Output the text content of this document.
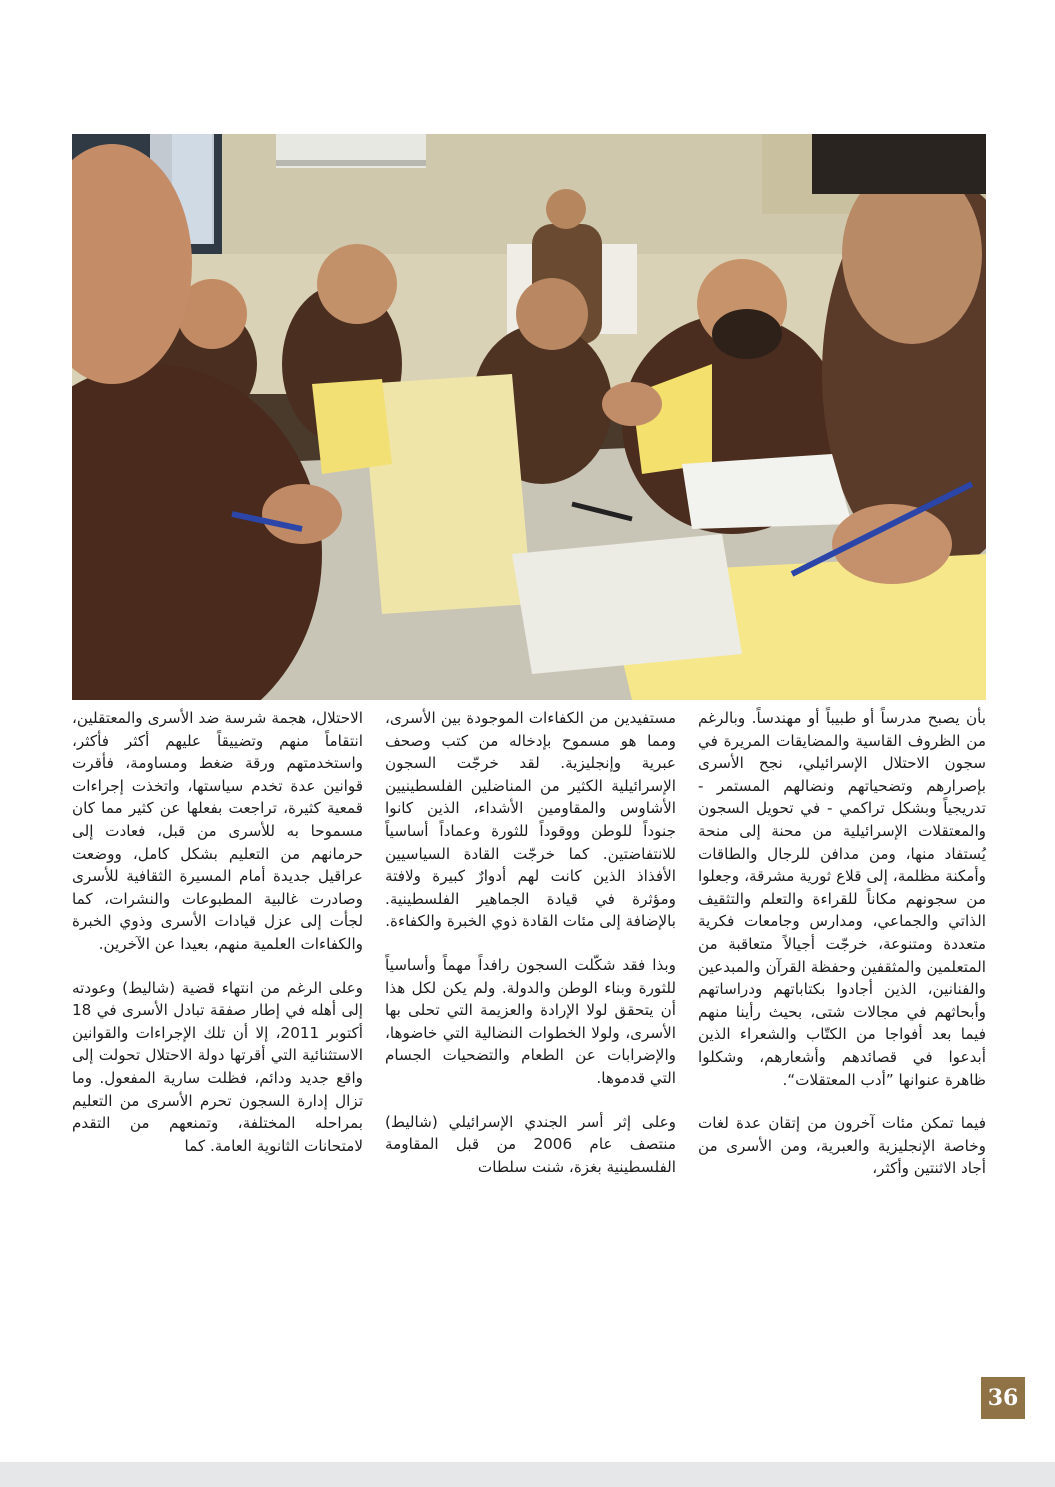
بأن يصبح مدرساً أو طبيباً أو مهندساً. وبالرغم من الظروف القاسية والمضايقات المريرة في سجون الاحتلال الإسرائيلي، نجح الأسرى بإصرارهم وتضحياتهم ونضالهم المستمر - تدريجياً وبشكل تراكمي - في تحويل السجون والمعتقلات الإسرائيلية من محنة إلى منحة يُستفاد منها، ومن مدافن للرجال والطاقات وأمكنة مظلمة، إلى قلاع ثورية مشرقة، وجعلوا من سجونهم مكاناً للقراءة والتعلم والتثقيف الذاتي والجماعي، ومدارس وجامعات فكرية متعددة ومتنوعة، خرجّت أجيالاً متعاقبة من المتعلمين والمثقفين وحفظة القرآن والمبدعين والفنانين، الذين أجادوا بكتاباتهم ودراساتهم وأبحاثهم في مجالات شتى، بحيث رأينا منهم فيما بعد أفواجا من الكتّاب والشعراء الذين أبدعوا في قصائدهم وأشعارهم، وشكلوا ظاهرة عنوانها ”أدب المعتقلات“.

فيما تمكن مئات آخرون من إتقان عدة لغات وخاصة الإنجليزية والعبرية، ومن الأسرى من أجاد الاثنتين وأكثر،

مستفيدين من الكفاءات الموجودة بين الأسرى، ومما هو مسموح بإدخاله من كتب وصحف عبرية وإنجليزية. لقد خرجّت السجون الإسرائيلية الكثير من المناضلين الفلسطينيين الأشاوس والمقاومين الأشداء، الذين كانوا جنوداً للوطن ووقوداً للثورة وعماداً أساسياً للانتفاضتين. كما خرجّت القادة السياسيين الأفذاذ الذين كانت لهم أدوارٌ كبيرة ولافتة ومؤثرة في قيادة الجماهير الفلسطينية. بالإضافة إلى مئات القادة ذوي الخبرة والكفاءة.

وبذا فقد شكّلت السجون رافداً مهماً وأساسياً للثورة وبناء الوطن والدولة. ولم يكن لكل هذا أن يتحقق لولا الإرادة والعزيمة التي تحلى بها الأسرى، ولولا الخطوات النضالية التي خاضوها، والإضرابات عن الطعام والتضحيات الجسام التي قدموها.

وعلى إثر أسر الجندي الإسرائيلي (شاليط) منتصف عام 2006 من قبل المقاومة الفلسطينية بغزة، شنت سلطات

الاحتلال، هجمة شرسة ضد الأسرى والمعتقلين، انتقاماً منهم وتضييقاً عليهم أكثر فأكثر، واستخدمتهم ورقة ضغط ومساومة، فأقرت قوانين عدة تخدم سياستها، واتخذت إجراءات قمعية كثيرة، تراجعت بفعلها عن كثير مما كان مسموحا به للأسرى من قبل، فعادت إلى حرمانهم من التعليم بشكل كامل، ووضعت عراقيل جديدة أمام المسيرة الثقافية للأسرى وصادرت غالبية المطبوعات والنشرات، كما لجأت إلى عزل قيادات الأسرى وذوي الخبرة والكفاءات العلمية منهم، بعيدا عن الآخرين.

وعلى الرغم من انتهاء قضية (شاليط) وعودته إلى أهله في إطار صفقة تبادل الأسرى في 18 أكتوبر 2011، إلا أن تلك الإجراءات والقوانين الاستثنائية التي أقرتها دولة الاحتلال تحولت إلى واقع جديد ودائم، فظلت سارية المفعول. وما تزال إدارة السجون تحرم الأسرى من التعليم بمراحله المختلفة، وتمنعهم من التقدم لامتحانات الثانوية العامة. كما

36
